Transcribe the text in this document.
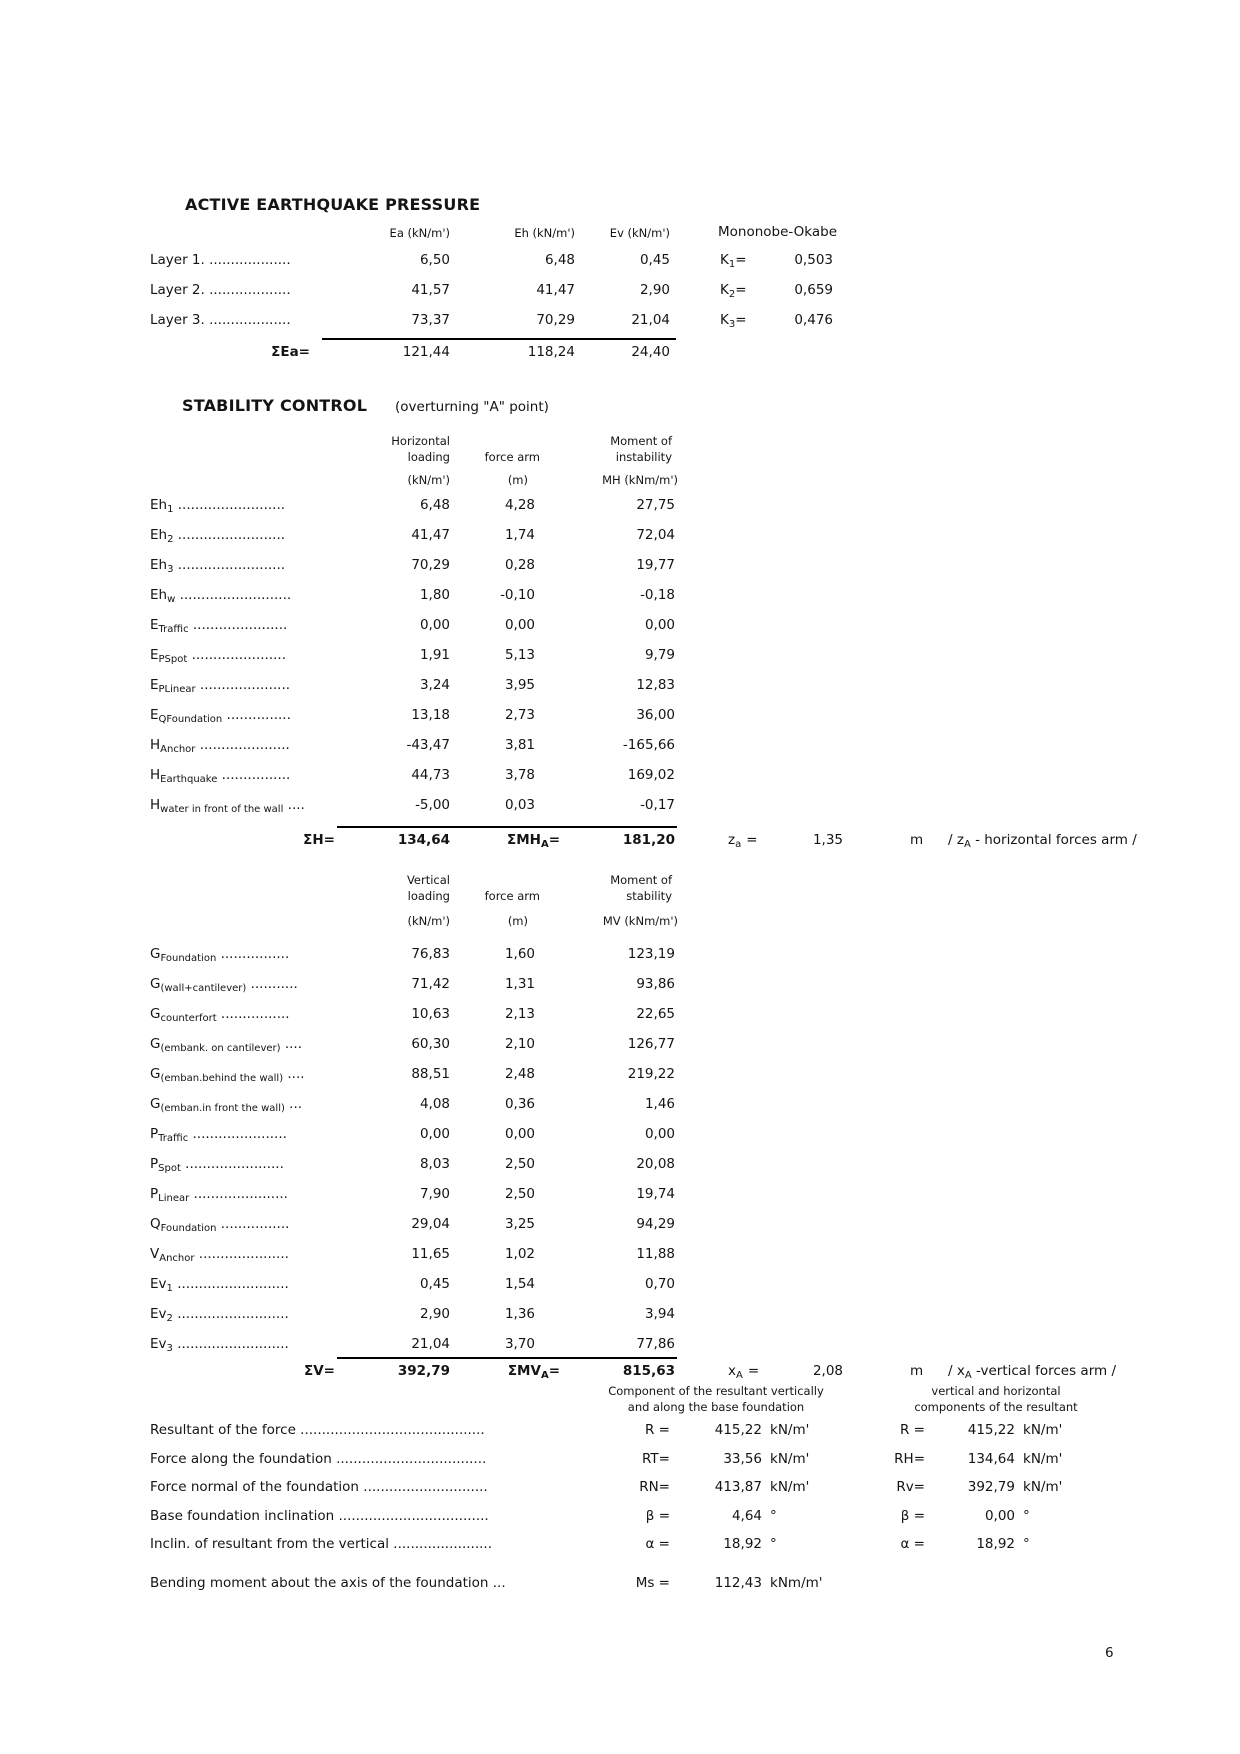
ACTIVE EARTHQUAKE PRESSURE
Ea (kN/m')	Eh (kN/m')	Ev (kN/m')	Mononobe-Okabe
Layer 1. ...................	6,50	6,48	0,45	$K_1=$	0,503
Layer 2. ...................	41,57	41,47	2,90	$K_2=$	0,659
Layer 3. ...................	73,37	70,29	21,04	$K_3=$	0,476
ΣEa=	121,44	118,24	24,40
STABILITY CONTROL (overturning "A" point)
Horizontal
loading	force arm
Moment of
instability
(kN/m')	(m)	MH (kNm/m')
$Eh_1$ .........................	6,48	4,28	27,75
$Eh_2$ .........................	41,47	1,74	72,04
$Eh_3$ .........................	70,29	0,28	19,77
$Eh_w$ ..........................	1,80	-0,10	-0,18
$E_{Traffic}$ ......................	0,00	0,00	0,00
$E_{PSpot}$ ......................	1,91	5,13	9,79
$E_{PLinear}$ .....................	3,24	3,95	12,83
$E_{QFoundation}$ ...............	13,18	2,73	36,00
$H_{Anchor}$ .....................	-43,47	3,81	-165,66
$H_{Earthquake}$ ................	44,73	3,78	169,02
$H_{water in front of the wall}$ ....	-5,00	0,03	-0,17
ΣH=	134,64	$\Sigma MH_A=$	181,20	$z_a$ =	1,35	m / $z_A$ - horizontal forces arm /
Vertical
loading	force arm
Moment of
stability
(kN/m')	(m)	MV (kNm/m')
$G_{Foundation}$ ................	76,83	1,60	123,19
$G_{(wall+cantilever)}$ ...........	71,42	1,31	93,86
$G_{counterfort}$ ................	10,63	2,13	22,65
$G_{(embank. on cantilever)}$ ....	60,30	2,10	126,77
$G_{(emban.behind the wall)}$ ....	88,51	2,48	219,22
$G_{(emban.in front the wall)}$ ...	4,08	0,36	1,46
$P_{Traffic}$ ......................	0,00	0,00	0,00
$P_{Spot}$ .......................	8,03	2,50	20,08
$P_{Linear}$ ......................	7,90	2,50	19,74
$Q_{Foundation}$ ................	29,04	3,25	94,29
$V_{Anchor}$ .....................	11,65	1,02	11,88
$Ev_1$ ..........................	0,45	1,54	0,70
$Ev_2$ ..........................	2,90	1,36	3,94
$Ev_3$ ..........................	21,04	3,70	77,86
ΣV=	392,79	$\Sigma MV_A=$	815,63	$x_A$ =	2,08	m / $x_A$ -vertical forces arm /
Component of the resultant vertically
and along the base foundation
vertical and horizontal
components of the resultant
Resultant of the force ...........................................	R =	415,22 kN/m'	R =	415,22 kN/m'
Force along the foundation ...................................	RT=	33,56 kN/m'	RH=	134,64 kN/m'
Force normal of the foundation .............................	RN=	413,87 kN/m'	Rv=	392,79 kN/m'
Base foundation inclination ...................................	β =	4,64 °	β =	0,00 °
Inclin. of resultant from the vertical .......................	α =	18,92 °	α =	18,92 °
Bending moment about the axis of the foundation ...	Ms =	112,43 kNm/m'
6
